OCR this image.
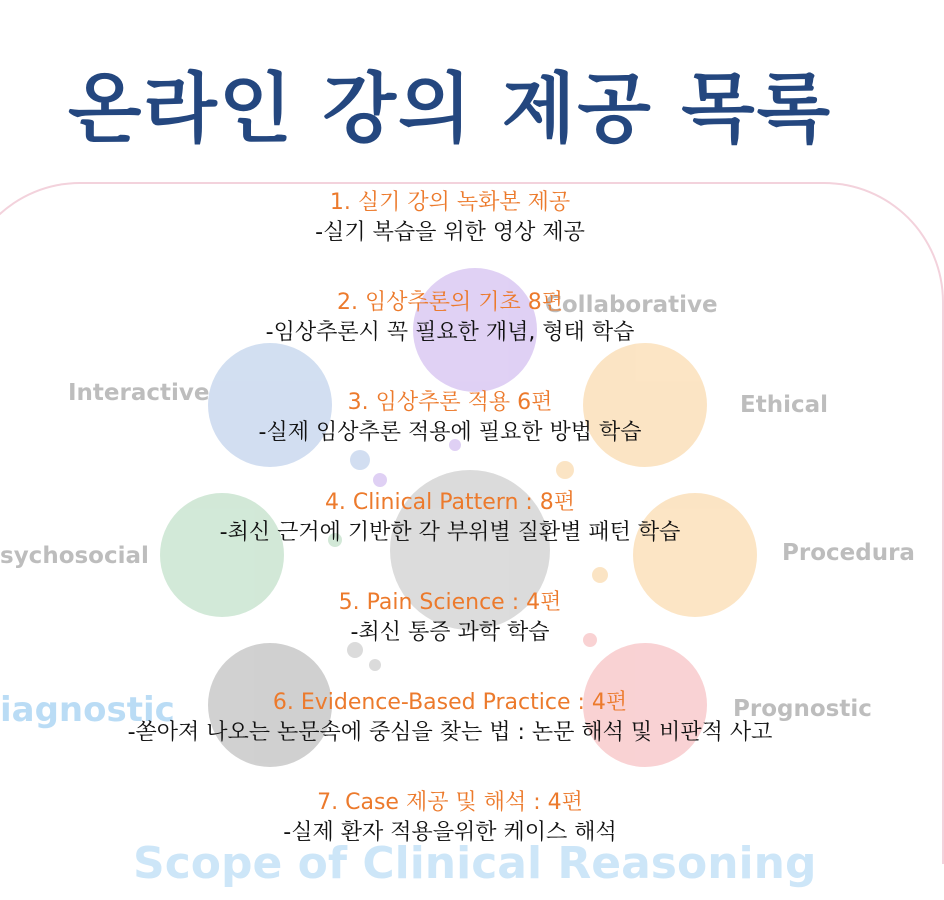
Collaborative
Interactive	Ethical
sychosocial	Procedura
iagnostic	Prognostic
Scope of Clinical Reasoning
온라인 강의 제공 목록
1. 실기 강의 녹화본 제공
-실기 복습을 위한 영상 제공
2. 임상추론의 기초 8편
-임상추론시 꼭 필요한 개념, 형태 학습
3. 임상추론 적용 6편
-실제 임상추론 적용에 필요한 방법 학습
4. Clinical Pattern : 8편
-최신 근거에 기반한 각 부위별 질환별 패턴 학습
5. Pain Science : 4편
-최신 통증 과학 학습
6. Evidence-Based Practice : 4편
-쏟아져 나오는 논문속에 중심을 찾는 법 : 논문 해석 및 비판적 사고
7. Case 제공 및 해석 : 4편
-실제 환자 적용을위한 케이스 해석
